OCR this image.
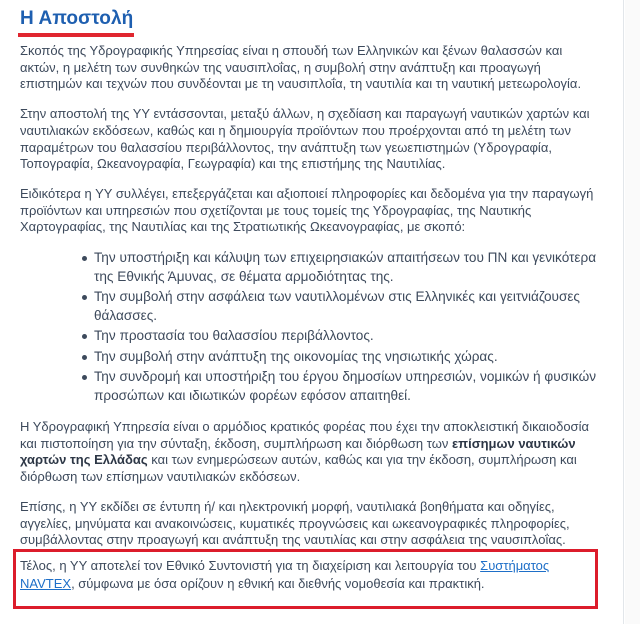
Η Αποστολή

Σκοπός της Υδρογραφικής Υπηρεσίας είναι η σπουδή των Ελληνικών και ξένων θαλασσών και ακτών, η μελέτη των συνθηκών της ναυσιπλοΐας, η συμβολή στην ανάπτυξη και προαγωγή επιστημών και τεχνών που συνδέονται με τη ναυσιπλοΐα, τη ναυτιλία και τη ναυτική μετεωρολογία.

Στην αποστολή της ΥΥ εντάσσονται, μεταξύ άλλων, η σχεδίαση και παραγωγή ναυτικών χαρτών και ναυτιλιακών εκδόσεων, καθώς και η δημιουργία προϊόντων που προέρχονται από τη μελέτη των παραμέτρων του θαλασσίου περιβάλλοντος, την ανάπτυξη των γεωεπιστημών (Υδρογραφία, Τοπογραφία, Ωκεανογραφία, Γεωγραφία) και της επιστήμης της Ναυτιλίας.

Ειδικότερα η ΥΥ συλλέγει, επεξεργάζεται και αξιοποιεί πληροφορίες και δεδομένα για την παραγωγή προϊόντων και υπηρεσιών που σχετίζονται με τους τομείς της Υδρογραφίας, της Ναυτικής Χαρτογραφίας, της Ναυτιλίας και της Στρατιωτικής Ωκεανογραφίας, με σκοπό:

Την υποστήριξη και κάλυψη των επιχειρησιακών απαιτήσεων του ΠΝ και γενικότερα της Εθνικής Άμυνας, σε θέματα αρμοδιότητας της.
Την συμβολή στην ασφάλεια των ναυτιλλομένων στις Ελληνικές και γειτνιάζουσες θάλασσες.
Την προστασία του θαλασσίου περιβάλλοντος.
Την συμβολή στην ανάπτυξη της οικονομίας της νησιωτικής χώρας.
Την συνδρομή και υποστήριξη του έργου δημοσίων υπηρεσιών, νομικών ή φυσικών προσώπων και ιδιωτικών φορέων εφόσον απαιτηθεί.

Η Υδρογραφική Υπηρεσία είναι ο αρμόδιος κρατικός φορέας που έχει την αποκλειστική δικαιοδοσία και πιστοποίηση για την σύνταξη, έκδοση, συμπλήρωση και διόρθωση των επίσημων ναυτικών χαρτών της Ελλάδας και των ενημερώσεων αυτών, καθώς και για την έκδοση, συμπλήρωση και διόρθωση των επίσημων ναυτιλιακών εκδόσεων.

Επίσης, η ΥΥ εκδίδει σε έντυπη ή/ και ηλεκτρονική μορφή, ναυτιλιακά βοηθήματα και οδηγίες, αγγελίες, μηνύματα και ανακοινώσεις, κυματικές προγνώσεις και ωκεανογραφικές πληροφορίες, συμβάλλοντας στην προαγωγή και ανάπτυξη της ναυτιλίας και στην ασφάλεια της ναυσιπλοΐας.

Τέλος, η ΥΥ αποτελεί τον Εθνικό Συντονιστή για τη διαχείριση και λειτουργία του Συστήματος NAVTEX, σύμφωνα με όσα ορίζουν η εθνική και διεθνής νομοθεσία και πρακτική.
